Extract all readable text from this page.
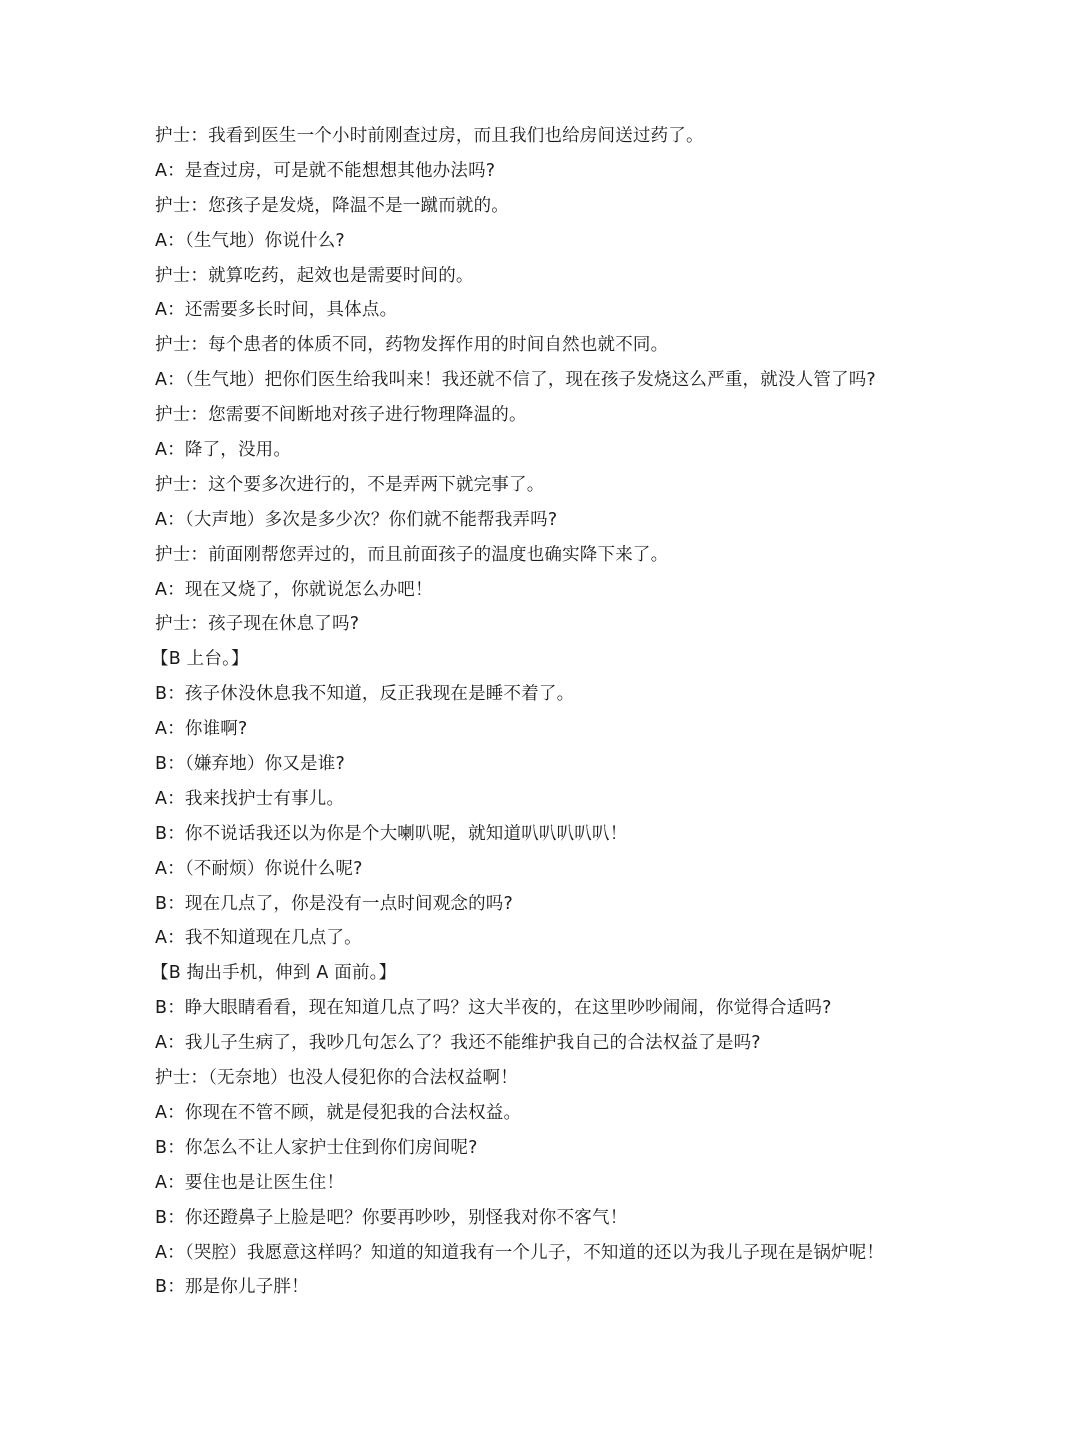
护士：我看到医生一个小时前刚查过房，而且我们也给房间送过药了。
A：是查过房，可是就不能想想其他办法吗?
护士：您孩子是发烧，降温不是一蹴而就的。
A：（生气地）你说什么?
护士：就算吃药，起效也是需要时间的。
A：还需要多长时间，具体点。
护士：每个患者的体质不同，药物发挥作用的时间自然也就不同。
A：（生气地）把你们医生给我叫来！我还就不信了，现在孩子发烧这么严重，就没人管了吗?
护士：您需要不间断地对孩子进行物理降温的。
A：降了，没用。
护士：这个要多次进行的，不是弄两下就完事了。
A：（大声地）多次是多少次？你们就不能帮我弄吗?
护士：前面刚帮您弄过的，而且前面孩子的温度也确实降下来了。
A：现在又烧了，你就说怎么办吧！
护士：孩子现在休息了吗?
【B 上台。】
B：孩子休没休息我不知道，反正我现在是睡不着了。
A：你谁啊?
B：（嫌弃地）你又是谁?
A：我来找护士有事儿。
B：你不说话我还以为你是个大喇叭呢，就知道叭叭叭叭叭！
A：（不耐烦）你说什么呢?
B：现在几点了，你是没有一点时间观念的吗?
A：我不知道现在几点了。
【B 掏出手机，伸到 A 面前。】
B：睁大眼睛看看，现在知道几点了吗？这大半夜的，在这里吵吵闹闹，你觉得合适吗?
A：我儿子生病了，我吵几句怎么了？我还不能维护我自己的合法权益了是吗?
护士：（无奈地）也没人侵犯你的合法权益啊！
A：你现在不管不顾，就是侵犯我的合法权益。
B：你怎么不让人家护士住到你们房间呢?
A：要住也是让医生住！
B：你还蹬鼻子上脸是吧？你要再吵吵，别怪我对你不客气！
A：（哭腔）我愿意这样吗？知道的知道我有一个儿子，不知道的还以为我儿子现在是锅炉呢！
B：那是你儿子胖！
